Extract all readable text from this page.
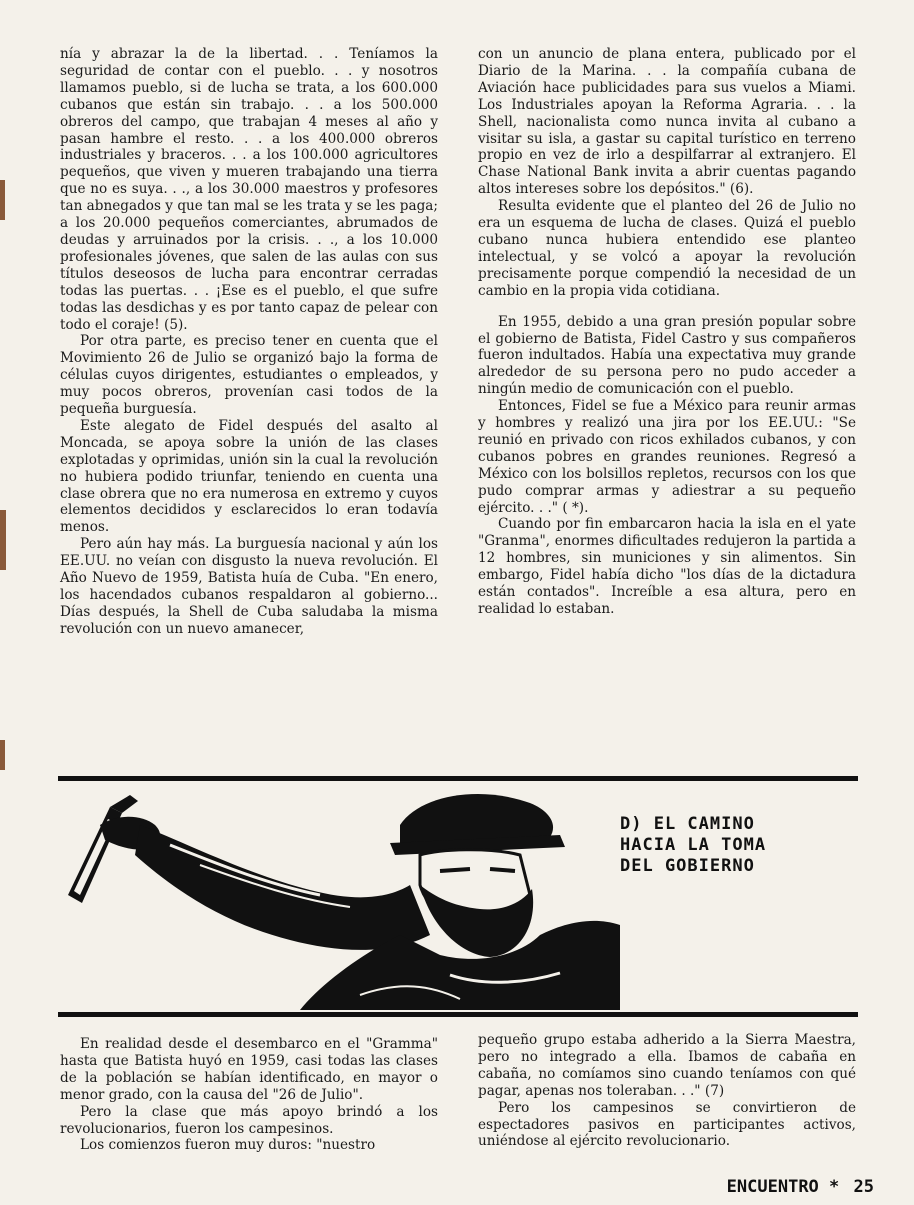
nía y abrazar la de la libertad. . . Teníamos la seguridad de contar con el pueblo. . . y nosotros llamamos pueblo, si de lucha se trata, a los 600.000 cubanos que están sin trabajo. . . a los 500.000 obreros del campo, que trabajan 4 meses al año y pasan hambre el resto. . . a los 400.000 obreros industriales y braceros. . . a los 100.000 agricultores pequeños, que viven y mueren trabajando una tierra que no es suya. . ., a los 30.000 maestros y profesores tan abnegados y que tan mal se les trata y se les paga; a los 20.000 pequeños comerciantes, abrumados de deudas y arruinados por la crisis. . ., a los 10.000 profesionales jóvenes, que salen de las aulas con sus títulos deseosos de lucha para encontrar cerradas todas las puertas. . . ¡Ese es el pueblo, el que sufre todas las desdichas y es por tanto capaz de pelear con todo el coraje! (5).

Por otra parte, es preciso tener en cuenta que el Movimiento 26 de Julio se organizó bajo la forma de células cuyos dirigentes, estudiantes o empleados, y muy pocos obreros, provenían casi todos de la pequeña burguesía.

Este alegato de Fidel después del asalto al Moncada, se apoya sobre la unión de las clases explotadas y oprimidas, unión sin la cual la revolución no hubiera podido triunfar, teniendo en cuenta una clase obrera que no era numerosa en extremo y cuyos elementos decididos y esclarecidos lo eran todavía menos.

Pero aún hay más. La burguesía nacional y aún los EE.UU. no veían con disgusto la nueva revolución. El Año Nuevo de 1959, Batista huía de Cuba. "En enero, los hacendados cubanos respaldaron al gobierno... Días después, la Shell de Cuba saludaba la misma revolución con un nuevo amanecer,

con un anuncio de plana entera, publicado por el Diario de la Marina. . . la compañía cubana de Aviación hace publicidades para sus vuelos a Miami. Los Industriales apoyan la Reforma Agraria. . . la Shell, nacionalista como nunca invita al cubano a visitar su isla, a gastar su capital turístico en terreno propio en vez de irlo a despilfarrar al extranjero. El Chase National Bank invita a abrir cuentas pagando altos intereses sobre los depósitos." (6).

Resulta evidente que el planteo del 26 de Julio no era un esquema de lucha de clases. Quizá el pueblo cubano nunca hubiera entendido ese planteo intelectual, y se volcó a apoyar la revolución precisamente porque compendió la necesidad de un cambio en la propia vida cotidiana.

En 1955, debido a una gran presión popular sobre el gobierno de Batista, Fidel Castro y sus compañeros fueron indultados. Había una expectativa muy grande alrededor de su persona pero no pudo acceder a ningún medio de comunicación con el pueblo.

Entonces, Fidel se fue a México para reunir armas y hombres y realizó una jira por los EE.UU.: "Se reunió en privado con ricos exhilados cubanos, y con cubanos pobres en grandes reuniones. Regresó a México con los bolsillos repletos, recursos con los que pudo comprar armas y adiestrar a su pequeño ejército. . ." ( *).

Cuando por fin embarcaron hacia la isla en el yate "Granma", enormes dificultades redujeron la partida a 12 hombres, sin municiones y sin alimentos. Sin embargo, Fidel había dicho "los días de la dictadura están contados". Increíble a esa altura, pero en realidad lo estaban.

D) EL CAMINO
HACIA LA TOMA
DEL GOBIERNO

En realidad desde el desembarco en el "Gramma" hasta que Batista huyó en 1959, casi todas las clases de la población se habían identificado, en mayor o menor grado, con la causa del "26 de Julio".

Pero la clase que más apoyo brindó a los revolucionarios, fueron los campesinos.

Los comienzos fueron muy duros: "nuestro

pequeño grupo estaba adherido a la Sierra Maestra, pero no integrado a ella. Ibamos de cabaña en cabaña, no comíamos sino cuando teníamos con qué pagar, apenas nos toleraban. . ." (7)

Pero los campesinos se convirtieron de espectadores pasivos en participantes activos, uniéndose al ejército revolucionario.

ENCUENTRO * 25
